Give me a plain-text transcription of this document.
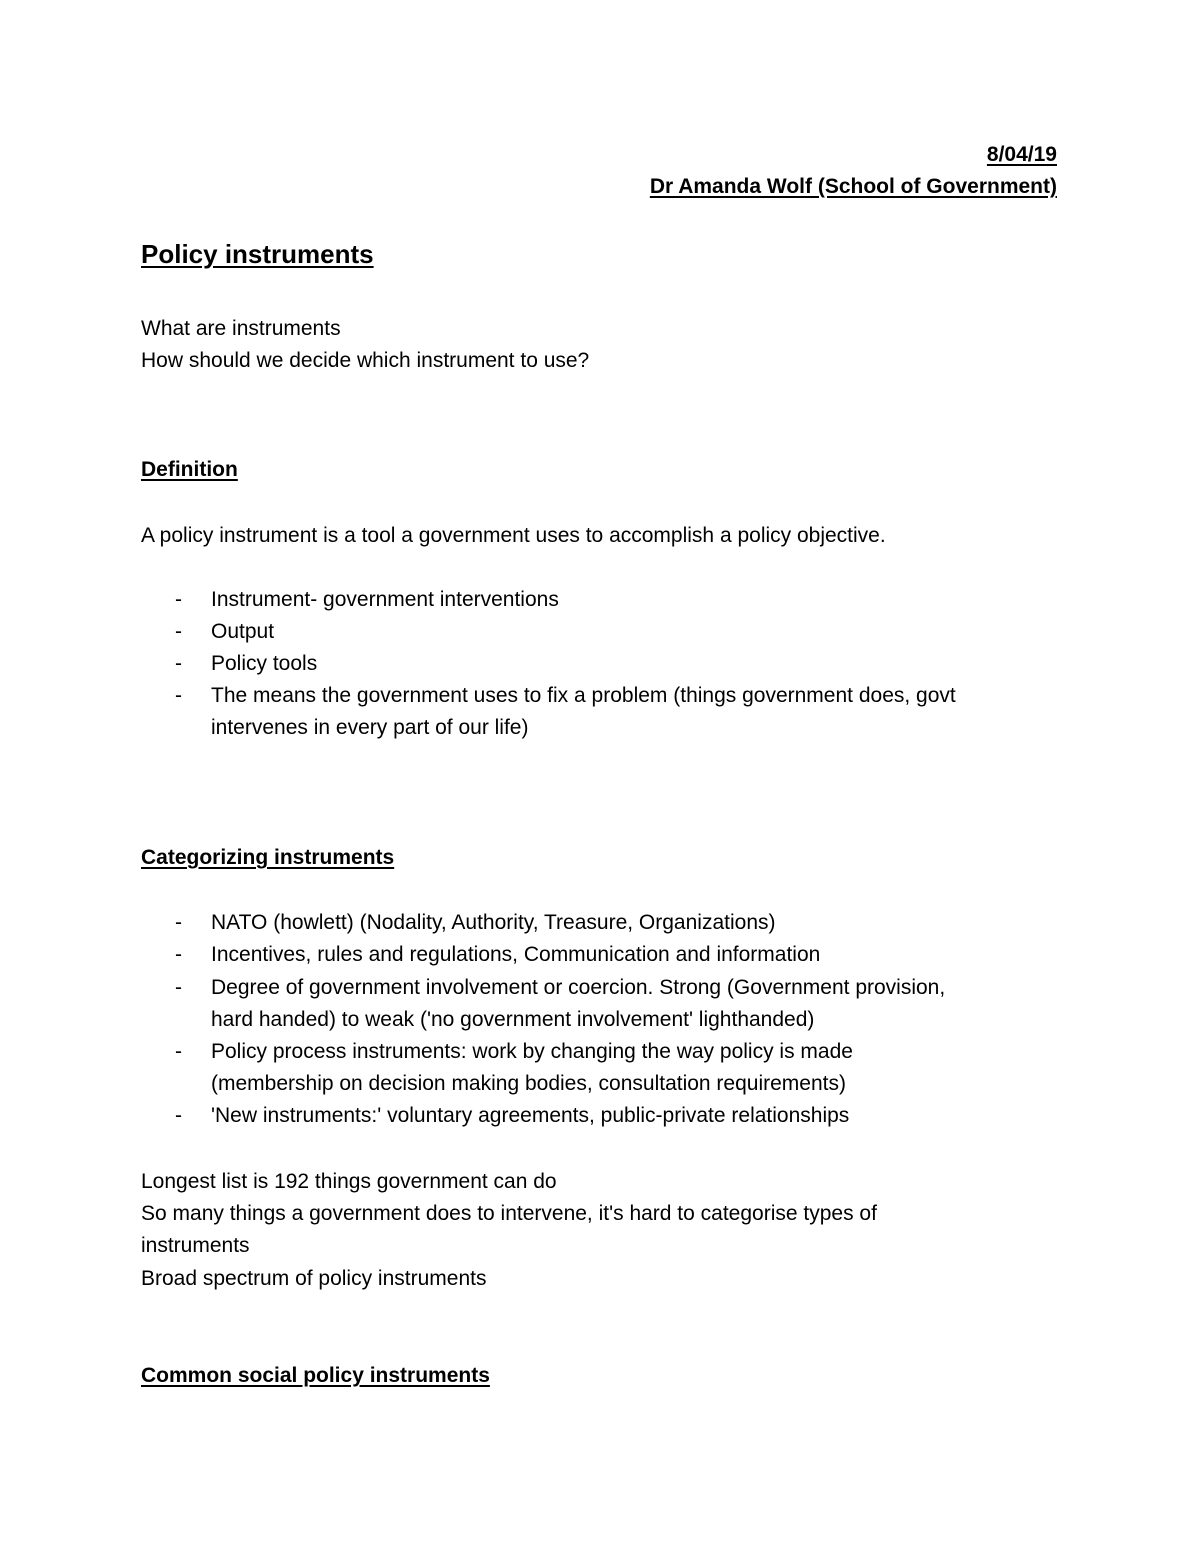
8/04/19
Dr Amanda Wolf (School of Government)
Policy instruments
What are instruments
How should we decide which instrument to use?
Definition
A policy instrument is a tool a government uses to accomplish a policy objective.
- Instrument- government interventions
- Output
- Policy tools
- The means the government uses to fix a problem (things government does, govt
intervenes in every part of our life)
Categorizing instruments
- NATO (howlett) (Nodality, Authority, Treasure, Organizations)
- Incentives, rules and regulations, Communication and information
- Degree of government involvement or coercion. Strong (Government provision,
hard handed) to weak ('no government involvement' lighthanded)
- Policy process instruments: work by changing the way policy is made
(membership on decision making bodies, consultation requirements)
- 'New instruments:' voluntary agreements, public-private relationships
Longest list is 192 things government can do
So many things a government does to intervene, it's hard to categorise types of
instruments
Broad spectrum of policy instruments
Common social policy instruments
